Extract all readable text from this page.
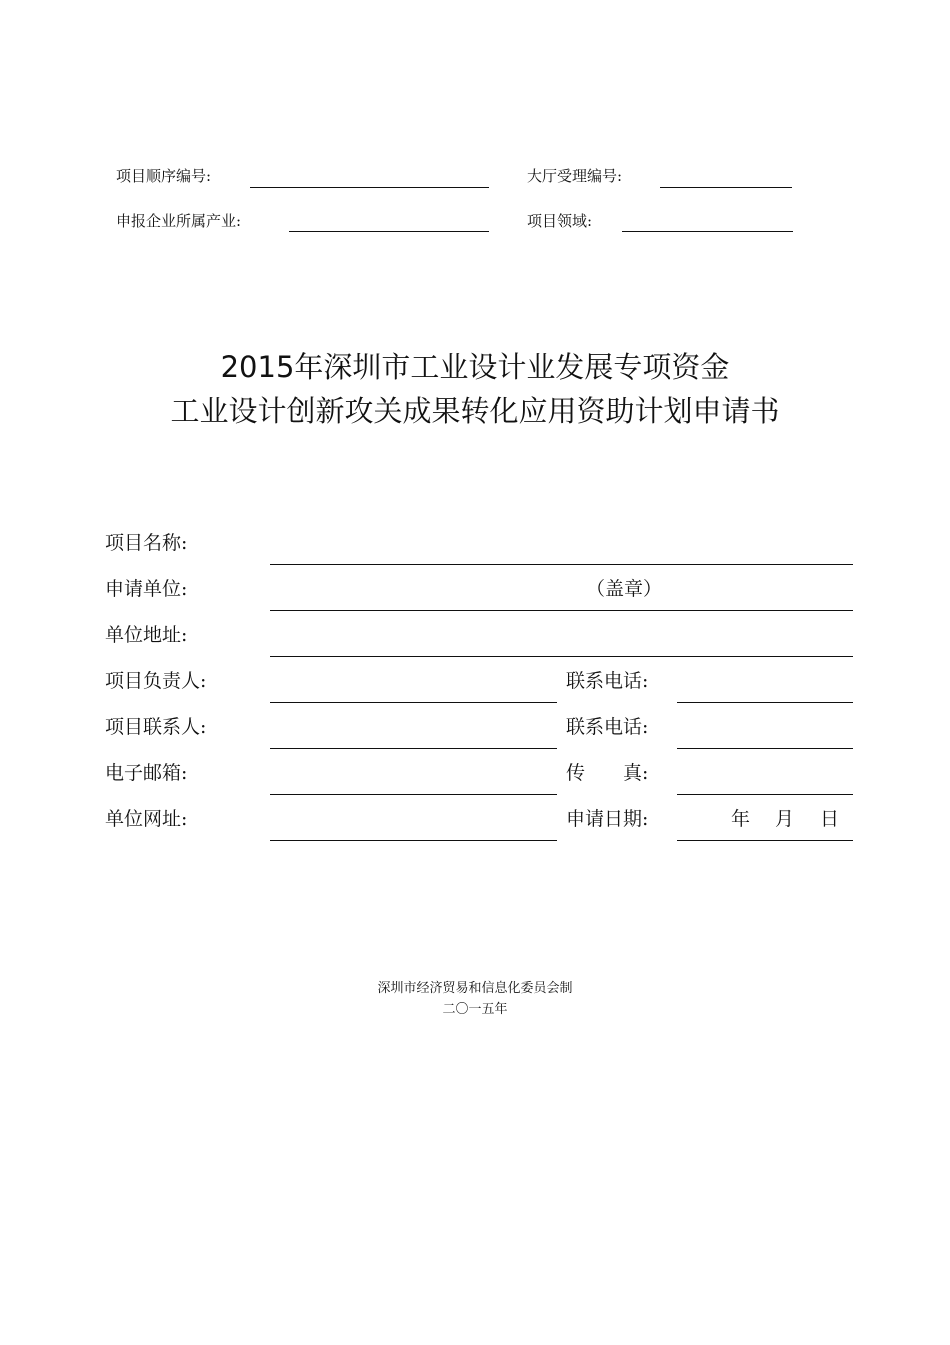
项目顺序编号:	大厅受理编号:
申报企业所属产业:	项目领域:
2015年深圳市工业设计业发展专项资金
工业设计创新攻关成果转化应用资助计划申请书
项目名称:
申请单位:	（盖章）
单位地址:
项目负责人:	联系电话:
项目联系人:	联系电话:
电子邮箱:	传　　真:
单位网址:	申请日期:	年 月 日
深圳市经济贸易和信息化委员会制
二〇一五年
